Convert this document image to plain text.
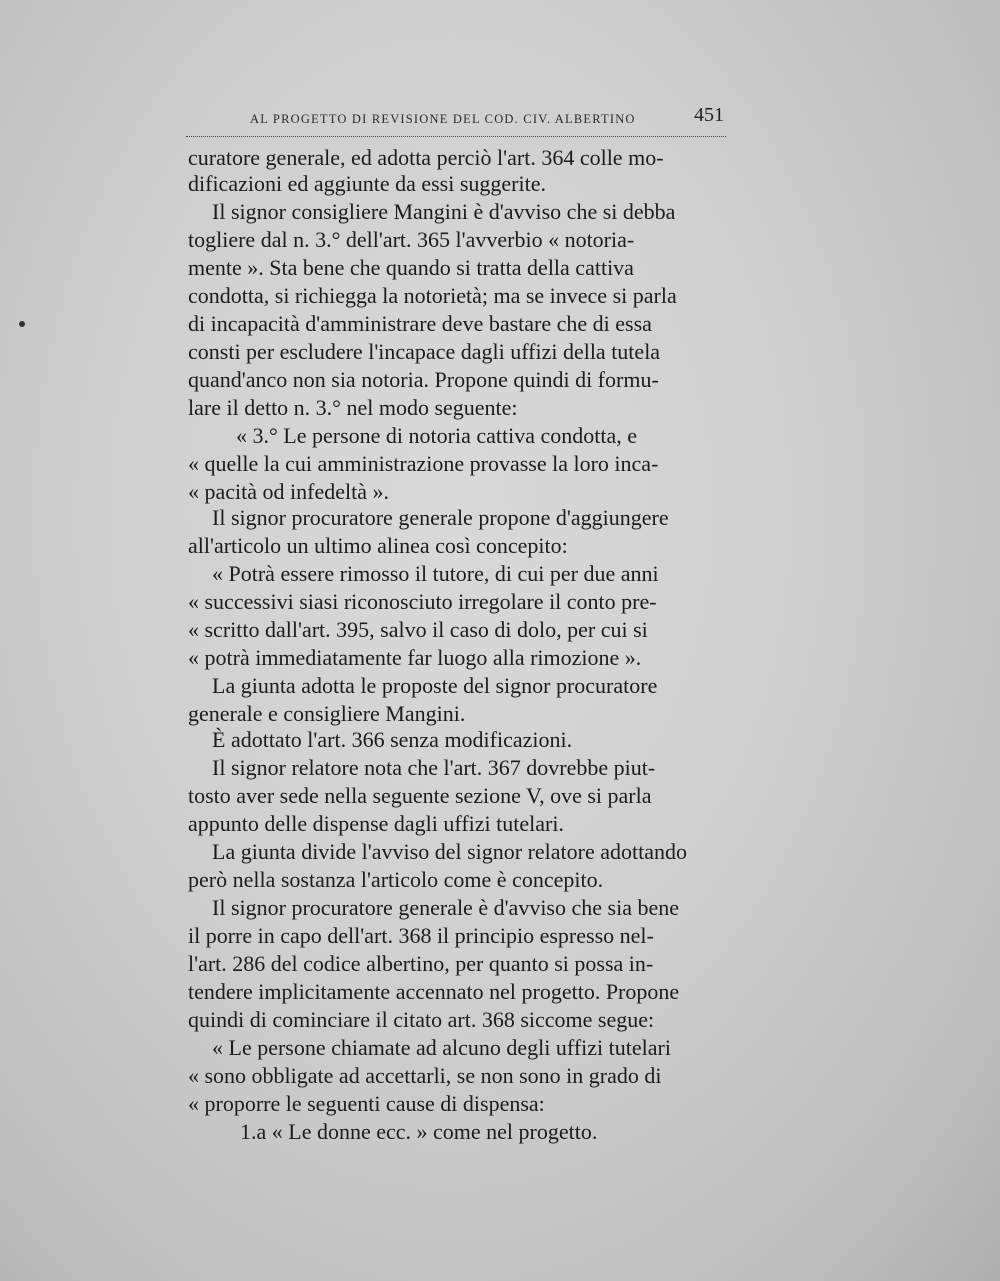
AL PROGETTO DI REVISIONE DEL COD. CIV. ALBERTINO	451
curatore generale, ed adotta perciò l'art. 364 colle mo-
dificazioni ed aggiunte da essi suggerite.
Il signor consigliere Mangini è d'avviso che si debba
togliere dal n. 3.° dell'art. 365 l'avverbio « notoria-
mente ». Sta bene che quando si tratta della cattiva
condotta, si richiegga la notorietà; ma se invece si parla
di incapacità d'amministrare deve bastare che di essa
consti per escludere l'incapace dagli uffizi della tutela
quand'anco non sia notoria. Propone quindi di formu-
lare il detto n. 3.° nel modo seguente:
« 3.° Le persone di notoria cattiva condotta, e
« quelle la cui amministrazione provasse la loro inca-
« pacità od infedeltà ».
Il signor procuratore generale propone d'aggiungere
all'articolo un ultimo alinea così concepito:
« Potrà essere rimosso il tutore, di cui per due anni
« successivi siasi riconosciuto irregolare il conto pre-
« scritto dall'art. 395, salvo il caso di dolo, per cui si
« potrà immediatamente far luogo alla rimozione ».
La giunta adotta le proposte del signor procuratore
generale e consigliere Mangini.
È adottato l'art. 366 senza modificazioni.
Il signor relatore nota che l'art. 367 dovrebbe piut-
tosto aver sede nella seguente sezione V, ove si parla
appunto delle dispense dagli uffizi tutelari.
La giunta divide l'avviso del signor relatore adottando
però nella sostanza l'articolo come è concepito.
Il signor procuratore generale è d'avviso che sia bene
il porre in capo dell'art. 368 il principio espresso nel-
l'art. 286 del codice albertino, per quanto si possa in-
tendere implicitamente accennato nel progetto. Propone
quindi di cominciare il citato art. 368 siccome segue:
« Le persone chiamate ad alcuno degli uffizi tutelari
« sono obbligate ad accettarli, se non sono in grado di
« proporre le seguenti cause di dispensa:
1.a « Le donne ecc. » come nel progetto.
